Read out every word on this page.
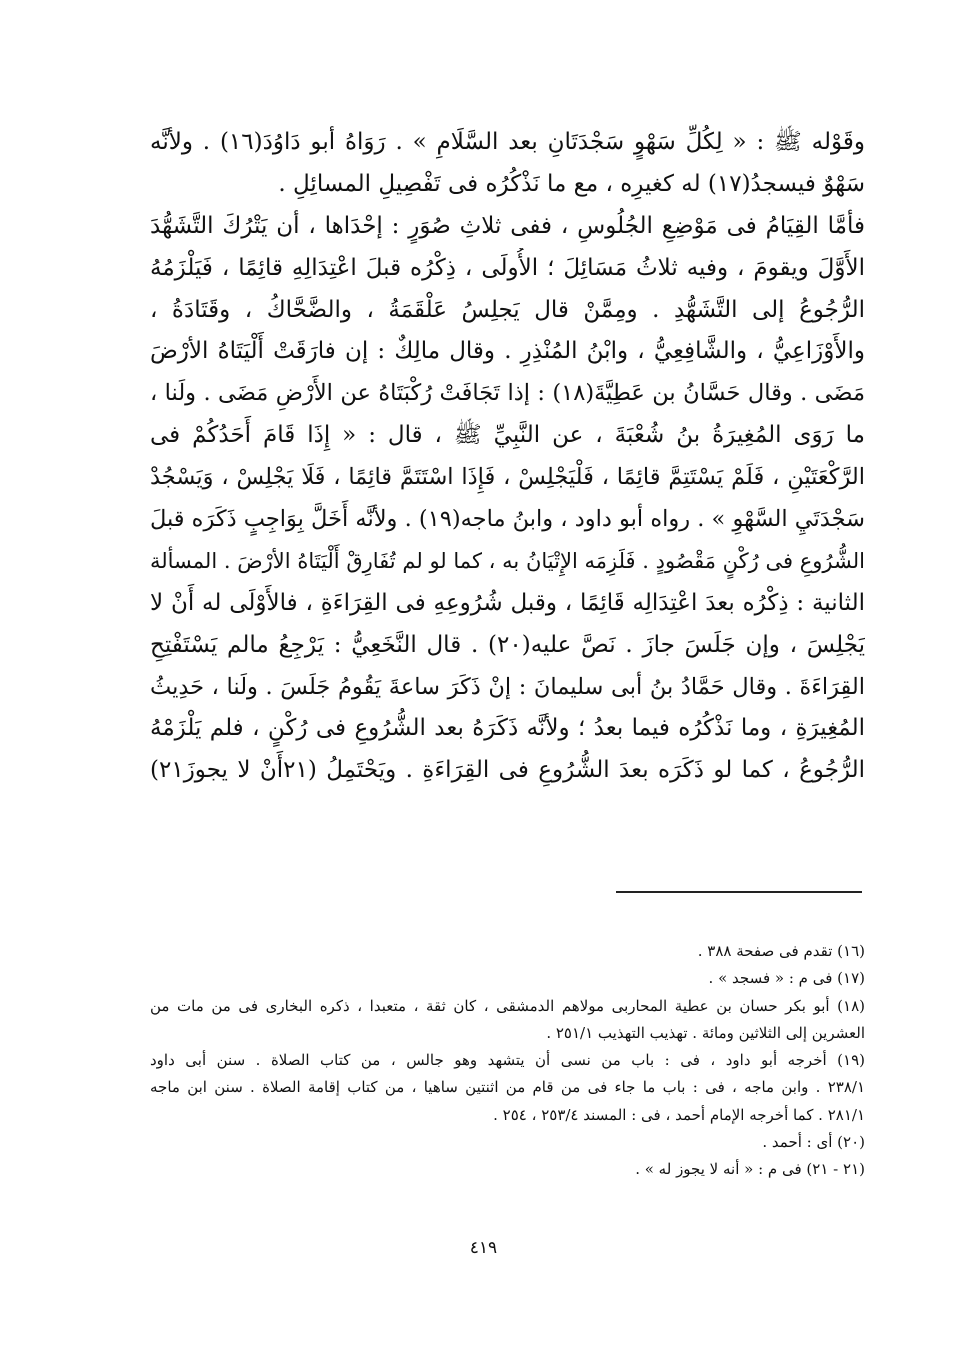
وقَوْله ﷺ : « لِكُلِّ سَهْوٍ سَجْدَتَانِ بعد السَّلَامِ » . رَوَاهُ أبو دَاوُدَ(١٦) . ولأنَّه
سَهْوٌ فيسجدُ(١٧) له كغيرِه ، مع ما نَذْكُرُه فى تَفْصِيلِ المسائِلِ .
فأمَّا القِيَامُ فى مَوْضِعِ الجُلُوسِ ، ففى ثلاثِ صُوَرٍ : إحْدَاها ، أن يَتْرُكَ التَّشَهُّدَ
الأَوَّلَ ويقومَ ، وفيه ثلاثُ مَسَائِلَ ؛ الأُولَى ، ذِكْرُه قبلَ اعْتِدَالِهِ قائِمًا ، فَيَلْزَمُهُ
الرُّجُوعُ إلى التَّشَهُّدِ . ومِمَّنْ قال يَجلِسُ عَلْقَمَةُ ، والضَّحَّاكُ ، وقَتَادَةُ ،
والأَوْزَاعِيُّ ، والشَّافِعِيُّ ، وابْنُ المُنْذِرِ . وقال مالِكٌ : إن فارَقَتْ أَلْيَتَاهُ الأرْضَ
مَضَى . وقال حَسَّانُ بن عَطِيَّةَ(١٨) : إذا تَجَافَتْ رُكْبَتَاهُ عن الأَرْضِ مَضَى . ولَنا ،
ما رَوَى المُغِيرَةُ بنُ شُعْبَةَ ، عن النَّبِيِّ ﷺ ، قال : « إِذَا قَامَ أَحَدُكُمْ فى
الرَّكْعَتَيْنِ ، فَلَمْ يَسْتَتِمَّ قائِمًا ، فَلْيَجْلِسْ ، فَإِذَا اسْتَتَمَّ قائِمًا ، فَلَا يَجْلِسْ ، وَيَسْجُدْ
سَجْدَتَيِ السَّهْوِ » . رواه أبو داود ، وابنُ ماجه(١٩) . ولأنَّه أَخَلَّ بِوَاجِبٍ ذَكَرَه قبلَ
الشُّرُوعِ فى رُكْنٍ مَقْصُودٍ . فَلَزِمَه الإِتْيَانُ به ، كما لو لم تُفَارِقْ أَلْيَتَاهُ الأرْضَ . المسألة
الثانية : ذِكْرُه بعدَ اعْتِدَالِه قَائِمًا ، وقبل شُرُوعِهِ فى القِرَاءَةِ ، فالأَوْلَى له أَنْ لا
يَجْلِسَ ، وإن جَلَسَ جازَ . نَصَّ عليه(٢٠) . قال النَّخَعِيُّ : يَرْجِعُ مالم يَسْتَفْتِحِ
القِرَاءَةَ . وقال حَمَّادُ بنُ أبى سليمانَ : إنْ ذَكَرَ ساعةَ يَقُومُ جَلَسَ . ولَنا ، حَدِيثُ
المُغِيرَةِ ، وما نَذْكُرُه فيما بعدُ ؛ ولأنَّه ذَكَرَهُ بعد الشُّرُوعِ فى رُكْنٍ ، فلم يَلْزَمْهُ
الرُّجُوعُ ، كما لو ذَكَرَه بعدَ الشُّرُوعِ فى القِرَاءَةِ . ويَحْتَمِلُ (٢١أَنْ لا يجوزَ٢١)
(١٦) تقدم فى صفحة ٣٨٨ .
(١٧) فى م : « فسجد » .
(١٨) أبو بكر حسان بن عطية المحاربى مولاهم الدمشقى ، كان ثقة ، متعبدا ، ذكره البخارى فى من مات من
العشرين إلى الثلاثين ومائة . تهذيب التهذيب ٢٥١/١ .
(١٩) أخرجه أبو داود ، فى : باب من نسى أن يتشهد وهو جالس ، من كتاب الصلاة . سنن أبى داود
٢٣٨/١ . وابن ماجه ، فى : باب ما جاء فى من قام من اثنتين ساهيا ، من كتاب إقامة الصلاة . سنن ابن ماجه
٢٨١/١ . كما أخرجه الإمام أحمد ، فى : المسند ٢٥٣/٤ ، ٢٥٤ .
(٢٠) أى : أحمد .
(٢١ - ٢١) فى م : « أنه لا يجوز له » .
٤١٩
